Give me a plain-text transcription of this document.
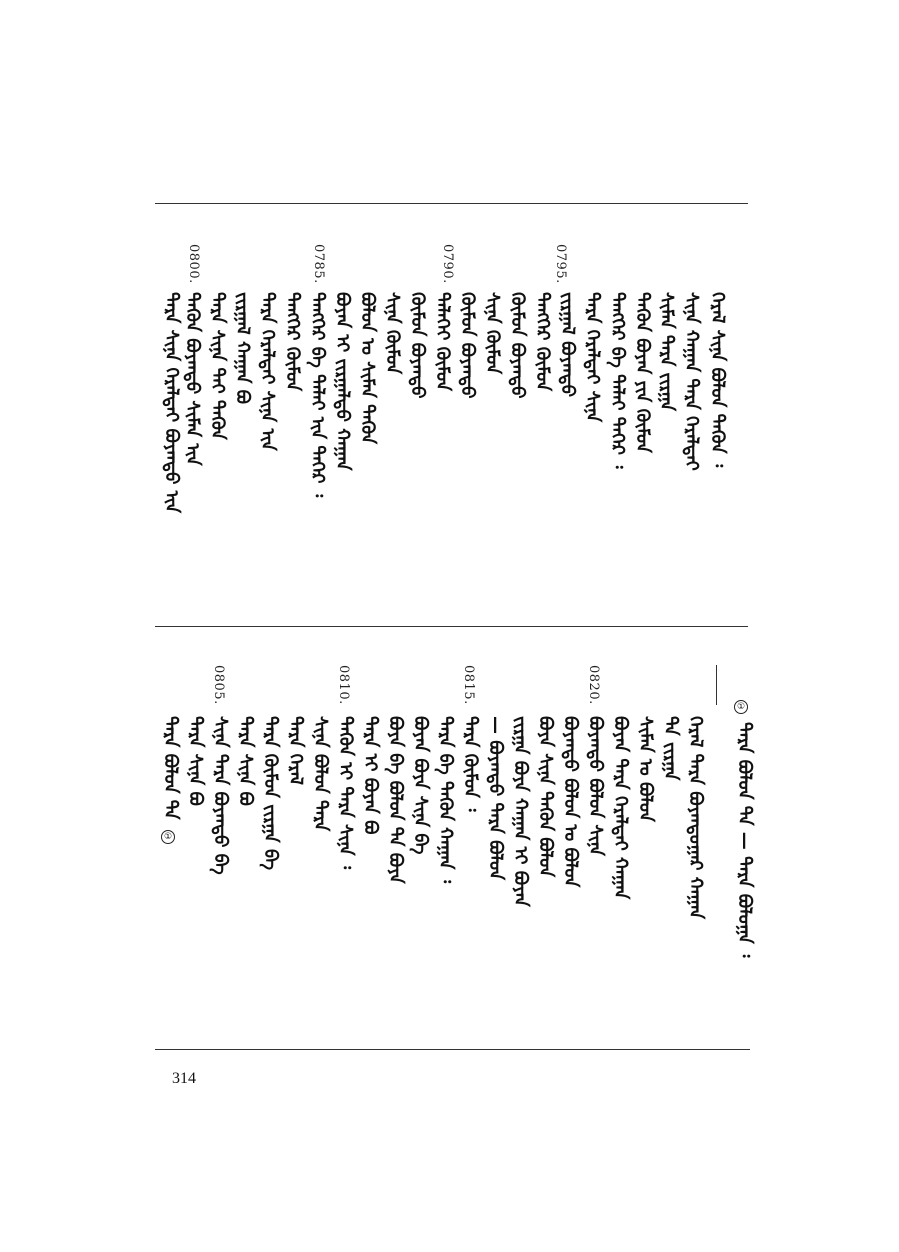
0800.	0795.
0790.
0785.
ᠭᠡᠷᠡᠯ ᠰᠢᠨᠡ ᠪᠤᠯᠤᠨ ᠲᠡᠭᠦᠨ ᠄
ᠰᠢᠨᠡ ᠬᠠᠭᠠᠨ ᠲᠡᠷᠡ ᠭᠡᠷᠡᠯᠲᠡᠢ
ᠰᠢᠮᠡᠨ ᠲᠡᠷᠡ ᠵᠢᠷᠭᠠ
ᠲᠡᠭᠦᠨ ᠪᠤᠶᠠᠨ ᠶᠢᠨ ᠬᠦᠮᠦᠨ
ᠲᠡᠩᠭᠡᠷ ᠪᠡ ᠳᠠᠯᠠᠢ ᠳᠡᠭᠡᠷ ᠄
ᠲᠡᠷᠡ ᠭᠡᠷᠡᠯᠲᠡᠢ ᠰᠢᠨᠡ
ᠵᠢᠷᠭᠠᠯ ᠪᠤᠶᠠᠨᠲᠤ
ᠲᠡᠩᠭᠡᠷ ᠬᠦᠮᠦᠨ
ᠬᠦᠮᠦᠨ ᠪᠤᠶᠠᠨᠲᠤ
ᠰᠢᠨᠡ ᠬᠦᠮᠦᠨ
ᠬᠦᠮᠦᠨ ᠪᠤᠶᠠᠨᠲᠤ
ᠳᠡᠯᠡᠬᠡᠢ ᠬᠦᠮᠦᠨ
ᠬᠦᠮᠦᠨ ᠪᠤᠶᠠᠨᠲᠤ
ᠰᠢᠨᠡ ᠬᠦᠮᠦᠨ
ᠪᠤᠯᠤᠨ ᠤ ᠰᠢᠮᠡᠨ ᠲᠡᠭᠦᠨ
ᠪᠤᠶᠠᠨ ᠢ ᠵᠢᠷᠭᠠᠯᠲᠤ ᠬᠠᠭᠠᠨ
ᠲᠡᠩᠭᠡᠷ ᠪᠡ ᠳᠠᠯᠠᠢ ᠢᠨ ᠳᠡᠭᠡᠷ ᠄
ᠲᠡᠩᠭᠡᠷ ᠬᠦᠮᠦᠨ
ᠲᠡᠷᠡ ᠭᠡᠷᠡᠯᠲᠡᠢ ᠰᠢᠨᠡ ᠢᠨ
ᠵᠢᠷᠭᠠᠯ ᠬᠠᠭᠠᠨ ᠪᠤ
ᠲᠡᠷᠡ ᠰᠢᠨᠡ ᠲᠠᠢ ᠲᠡᠭᠦᠨ
ᠲᠡᠭᠦᠨ ᠪᠤᠶᠠᠨᠲᠤ ᠰᠢᠮᠡᠨ ᠢᠨ
ᠲᠡᠷᠡ ᠰᠢᠨᠡ ᠭᠡᠷᠡᠯᠲᠡᠢ ᠪᠤᠶᠠᠨᠲᠤ ᠢᠨ
①
ᠲᠡᠷᠡ ᠪᠤᠯᠤᠨ ᠲᠠ — ᠲᠡᠷᠡ ᠪᠤᠯᠤᠭᠠ ᠄
0820.
0815.
0810.
0805.
ᠭᠡᠷᠡᠯ ᠲᠡᠷᠡ ᠪᠤᠶᠠᠨᠲᠤᠭᠠᠷ ᠬᠠᠭᠠᠨ
ᠲᠡ ᠵᠢᠷᠭᠠ
ᠰᠢᠮᠡᠨ ᠤ ᠪᠤᠯᠤᠨ
ᠪᠤᠶᠠᠨ ᠲᠡᠷᠡ ᠭᠡᠷᠡᠯᠲᠡᠢ ᠬᠠᠭᠠᠨ
ᠪᠤᠶᠠᠨᠲᠤ ᠪᠤᠯᠤᠨ ᠰᠢᠨᠡ
ᠪᠤᠶᠠᠨᠲᠤ ᠪᠤᠯᠤᠨ ᠤ ᠪᠤᠯᠤᠨ
ᠪᠤᠶᠠ ᠰᠢᠨᠡ ᠲᠡᠭᠦᠨ ᠪᠤᠯᠤᠨ
ᠵᠢᠷᠭᠠ ᠪᠤᠶᠠ ᠬᠠᠭᠠᠨ ᠢ ᠪᠤᠶᠠᠨ
— ᠪᠤᠶᠠᠨᠲᠤ ᠲᠡᠷᠡ ᠪᠤᠯᠤᠨ
ᠲᠡᠷᠡ ᠬᠦᠮᠦᠨ ᠄
ᠲᠡᠷᠡ ᠪᠡ ᠲᠡᠭᠦᠨ ᠬᠠᠭᠠᠨ ᠄
ᠪᠤᠶᠠᠨ ᠪᠤᠶᠠ ᠰᠢᠨᠡ ᠪᠡ
ᠪᠤᠶᠠ ᠪᠡ ᠪᠤᠯᠤᠨ ᠲᠡ ᠪᠤᠶᠠ
ᠲᠡᠷᠡ ᠢ ᠪᠤᠶᠠᠨ ᠪᠤ
ᠲᠡᠭᠦᠨ ᠢ ᠲᠡᠷᠡ ᠰᠢᠨᠡ ᠄
ᠰᠢᠨᠡ ᠪᠤᠯᠤᠨ ᠲᠡᠷᠡ
ᠲᠡᠷᠡ ᠭᠡᠷᠡᠯ
ᠲᠡᠷᠡ ᠬᠦᠮᠦᠨ ᠵᠢᠷᠭᠠ ᠪᠡ
ᠲᠡᠷᠡ ᠰᠢᠨᠡ ᠪᠤ
ᠰᠢᠨᠡ ᠲᠡᠷᠡ ᠪᠤᠶᠠᠨᠲᠤ ᠪᠡ
ᠲᠡᠷᠡ ᠰᠢᠨᠡ ᠪᠤ
ᠲᠡᠷᠡ ᠪᠤᠯᠤᠨ ᠲᠠ
①
314
